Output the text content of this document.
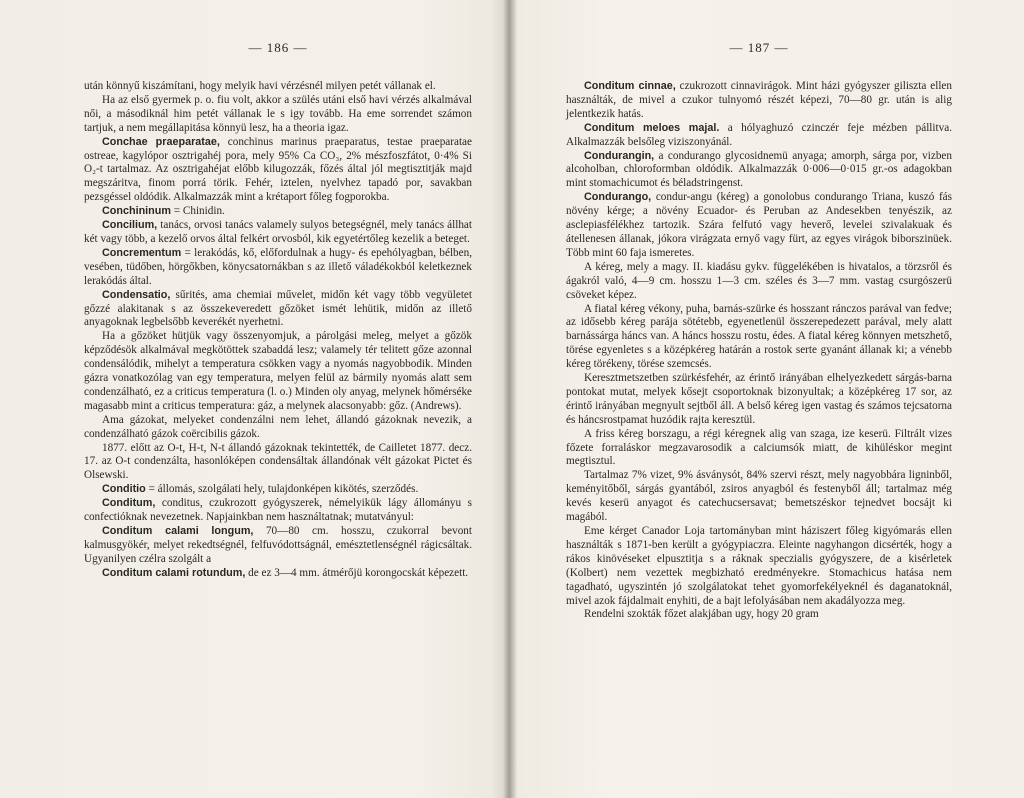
— 186 —

után könnyű kiszámítani, hogy melyik havi vérzésnél milyen petét vállanak el.

Ha az első gyermek p. o. fiu volt, akkor a szülés utáni első havi vérzés alkalmával női, a másodiknál him petét vállanak le s igy tovább. Ha eme sorrendet számon tartjuk, a nem megállapitása könnyü lesz, ha a theoria igaz.

Conchae praeparatae, conchinus marinus praeparatus, testae praeparatae ostreae, kagylópor osztrigahéj pora, mely 95% Ca CO₃, 2% mészfoszfátot, 0·4% Si O₂-t tartalmaz. Az osztrigahéjat előbb kilugozzák, főzés által jól megtisztitják majd megszáritva, finom porrá törik. Fehér, iztelen, nyelvhez tapadó por, savakban pezsgéssel oldódik. Alkalmazzák mint a krétaport főleg fogporokba.

Conchininum = Chinidin.

Concilium, tanács, orvosi tanács valamely sulyos betegségnél, mely tanács állhat két vagy több, a kezelő orvos által felkért orvosból, kik egyetértőleg kezelik a beteget.

Concrementum = lerakódás, kő, előfordulnak a hugy- és epehólyagban, bélben, vesében, tüdőben, hörgőkben, könycsatornákban s az illető váladékokból keletkeznek lerakódás által.

Condensatio, sűrités, ama chemiai művelet, midőn két vagy több vegyületet gőzzé alakitanak s az összekeveredett gőzöket ismét lehütik, midőn az illető anyagoknak legbelsőbb keverékét nyerhetni.

Ha a gőzöket hütjük vagy összenyomjuk, a párolgási meleg, melyet a gőzök képződésök alkalmával megkötöttek szabaddá lesz; valamely tér telitett gőze azonnal condensálódik, mihelyt a temperatura csökken vagy a nyomás nagyobbodik. Minden gázra vonatkozólag van egy temperatura, melyen felül az bármily nyomás alatt sem condenzálható, ez a criticus temperatura (l. o.) Minden oly anyag, melynek hőmérséke magasabb mint a criticus temperatura: gáz, a melynek alacsonyabb: gőz. (Andrews).

Ama gázokat, melyeket condenzálni nem lehet, állandó gázoknak nevezik, a condenzálható gázok coërcibilis gázok.

1877. előtt az O-t, H-t, N-t állandó gázoknak tekintették, de Cailletet 1877. decz. 17. az O-t condenzálta, hasonlóképen condensáltak állandónak vélt gázokat Pictet és Olsewski.

Conditio = állomás, szolgálati hely, tulajdonképen kikötés, szerződés.

Conditum, conditus, czukrozott gyógyszerek, némelyikük lágy állományu s confectióknak nevezetnek. Napjainkban nem használtatnak; mutatványul:

Conditum calami longum, 70—80 cm. hosszu, czukorral bevont kalmusgyökér, melyet rekedtségnél, felfuvódottságnál, emésztetlenségnél rágicsáltak. Ugyanilyen czélra szolgált a

Conditum calami rotundum, de ez 3—4 mm. átmérőjü korongocskát képezett.

— 187 —

Conditum cinnae, czukrozott cinnavirágok. Mint házi gyógyszer giliszta ellen használták, de mivel a czukor tulnyomó részét képezi, 70—80 gr. után is alig jelentkezik hatás.

Conditum meloes majal. a hólyaghuzó czinczér feje mézben pállitva. Alkalmazzák belsőleg viziszonyánál.

Condurangin, a condurango glycosidnemü anyaga; amorph, sárga por, vizben alcoholban, chloroformban oldódik. Alkalmazzák 0·006—0·015 gr.-os adagokban mint stomachicumot és béladstringenst.

Condurango, condur-angu (kéreg) a gonolobus condurango Triana, kuszó fás növény kérge; a növény Ecuador- és Peruban az Andesekben tenyészik, az asclepiasfélékhez tartozik. Szára felfutó vagy heverő, levelei szivalakuak és átellenesen állanak, jókora virágzata ernyő vagy fürt, az egyes virágok biborszinüek. Több mint 60 faja ismeretes.

A kéreg, mely a magy. II. kiadásu gykv. függelékében is hivatalos, a törzsről és ágakról való, 4—9 cm. hosszu 1—3 cm. széles és 3—7 mm. vastag csurgószerü csöveket képez.

A fiatal kéreg vékony, puha, barnás-szürke és hosszant ránczos parával van fedve; az idősebb kéreg parája sötétebb, egyenetlenül összerepedezett parával, mely alatt barnássárga háncs van. A háncs hosszu rostu, édes. A fiatal kéreg könnyen metszhető, törése egyenletes s a középkéreg határán a rostok serte gyanánt állanak ki; a vénebb kéreg törékeny, törése szemcsés.

Keresztmetszetben szürkésfehér, az érintő irányában elhelyezkedett sárgás-barna pontokat mutat, melyek kősejt csoportoknak bizonyultak; a középkéreg 17 sor, az érintő irányában megnyult sejtből áll. A belső kéreg igen vastag és számos tejcsatorna és háncsrostpamat huzódik rajta keresztül.

A friss kéreg borszagu, a régi kéregnek alig van szaga, ize keserü. Filtrált vizes főzete forraláskor megzavarosodik a calciumsók miatt, de kihüléskor megint megtisztul.

Tartalmaz 7% vizet, 9% ásványsót, 84% szervi részt, mely nagyobbára ligninből, keményitőből, sárgás gyantából, zsiros anyagból és festenyből áll; tartalmaz még kevés keserü anyagot és catechucsersavat; bemetszéskor tejnedvet bocsájt ki magából.

Eme kérget Canador Loja tartományban mint háziszert főleg kigyómarás ellen használták s 1871-ben került a gyógypiaczra. Eleinte nagyhangon dicsérték, hogy a rákos kinövéseket elpusztitja s a ráknak speczialis gyógyszere, de a kisérletek (Kolbert) nem vezettek megbizható eredményekre. Stomachicus hatása nem tagadható, ugyszintén jó szolgálatokat tehet gyomorfekélyeknél és daganatoknál, mivel azok fájdalmait enyhiti, de a bajt lefolyásában nem akadályozza meg.

Rendelni szokták főzet alakjában ugy, hogy 20 gram
